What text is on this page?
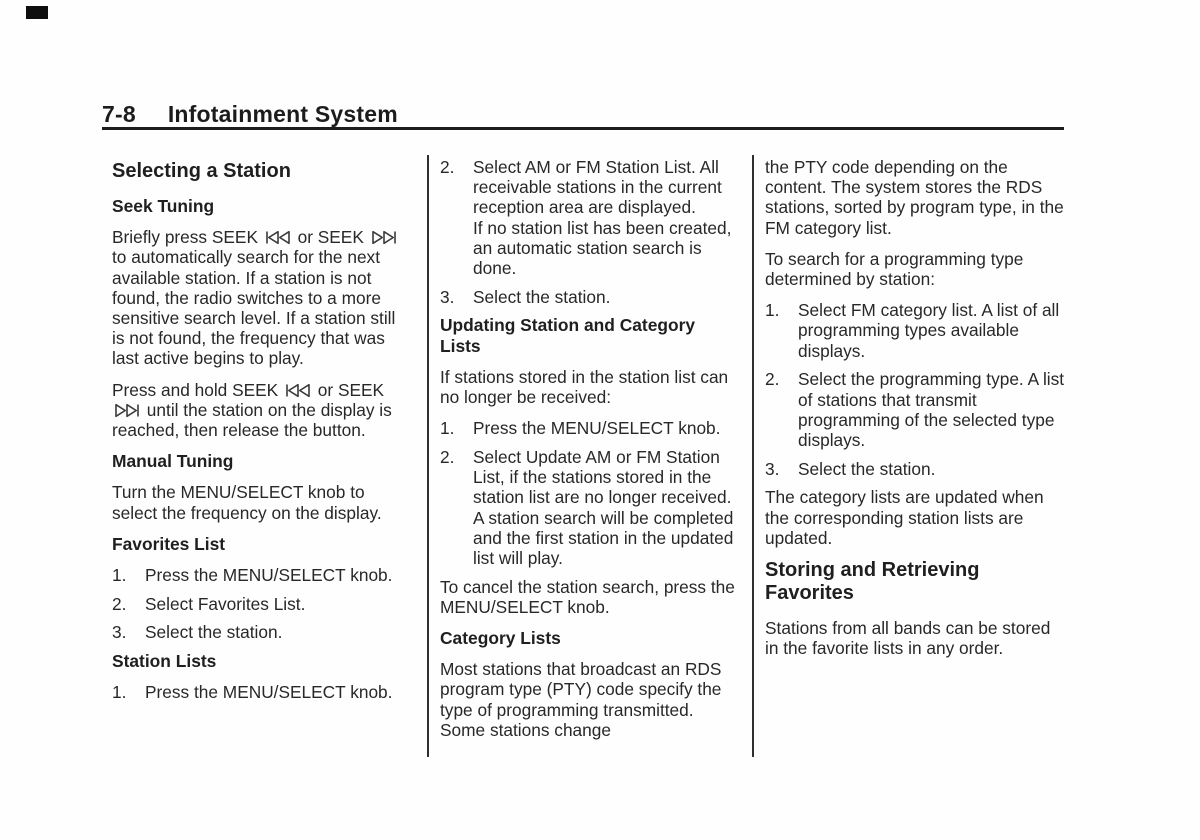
7-8 Infotainment System
Selecting a Station
Seek Tuning
Briefly press SEEK
or SEEK
to automatically search for the next available station. If a station is not found, the radio switches to a more sensitive search level. If a station still is not found, the frequency that was last active begins to play.
Press and hold SEEK
or SEEK
until the station on the display is reached, then release the button.
Manual Tuning
Turn the MENU/SELECT knob to select the frequency on the display.
Favorites List
1.	Press the MENU/SELECT knob.
2.	Select Favorites List.
3.	Select the station.
Station Lists
1.	Press the MENU/SELECT knob.
2.	Select AM or FM Station List. All receivable stations in the current reception area are displayed.
If no station list has been created, an automatic station search is done.
3.	Select the station.
Updating Station and Category Lists
If stations stored in the station list can no longer be received:
1.	Press the MENU/SELECT knob.
2.	Select Update AM or FM Station List, if the stations stored in the station list are no longer received. A station search will be completed and the first station in the updated list will play.
To cancel the station search, press the MENU/SELECT knob.
Category Lists
Most stations that broadcast an RDS program type (PTY) code specify the type of programming transmitted. Some stations change
the PTY code depending on the content. The system stores the RDS stations, sorted by program type, in the FM category list.
To search for a programming type determined by station:
1.	Select FM category list. A list of all programming types available displays.
2.	Select the programming type. A list of stations that transmit programming of the selected type displays.
3.	Select the station.
The category lists are updated when the corresponding station lists are updated.
Storing and Retrieving Favorites
Stations from all bands can be stored in the favorite lists in any order.
